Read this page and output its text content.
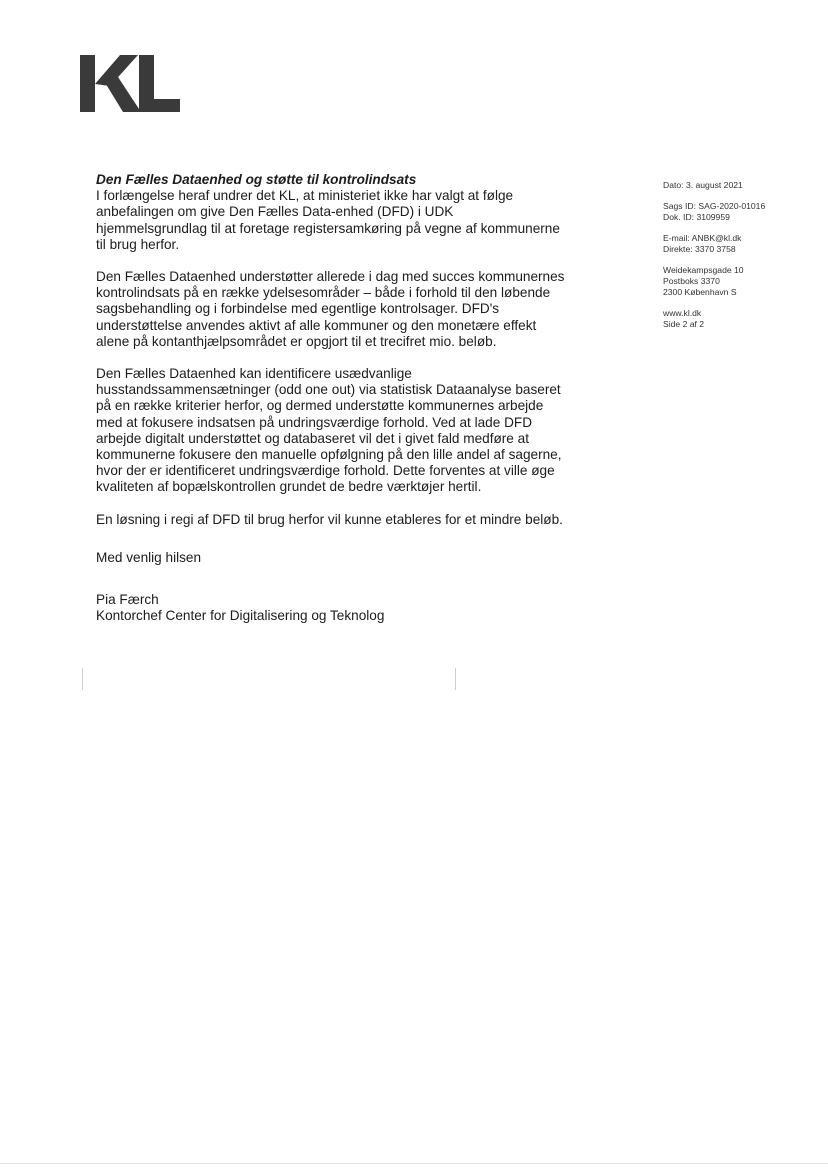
Den Fælles Dataenhed og støtte til kontrolindsats

I forlængelse heraf undrer det KL, at ministeriet ikke har valgt at følge anbefalingen om give Den Fælles Data-enhed (DFD) i UDK hjemmelsgrundlag til at foretage registersamkøring på vegne af kommunerne til brug herfor.

Den Fælles Dataenhed understøtter allerede i dag med succes kommunernes kontrolindsats på en række ydelsesområder – både i forhold til den løbende sagsbehandling og i forbindelse med egentlige kontrolsager. DFD's understøttelse anvendes aktivt af alle kommuner og den monetære effekt alene på kontanthjælpsområdet er opgjort til et trecifret mio. beløb.

Den Fælles Dataenhed kan identificere usædvanlige husstandssammensætninger (odd one out) via statistisk Dataanalyse baseret på en række kriterier herfor, og dermed understøtte kommunernes arbejde med at fokusere indsatsen på undringsværdige forhold. Ved at lade DFD arbejde digitalt understøttet og databaseret vil det i givet fald medføre at kommunerne fokusere den manuelle opfølgning på den lille andel af sagerne, hvor der er identificeret undringsværdige forhold. Dette forventes at ville øge kvaliteten af bopælskontrollen grundet de bedre værktøjer hertil.

En løsning i regi af DFD til brug herfor vil kunne etableres for et mindre beløb.

Med venlig hilsen

Pia Færch
Kontorchef Center for Digitalisering og Teknolog

Dato: 3. august 2021
Sags ID: SAG-2020-01016
Dok. ID: 3109959
E-mail: ANBK@kl.dk
Direkte: 3370 3758
Weidekampsgade 10
Postboks 3370
2300 København S
www.kl.dk
Side 2 af 2
